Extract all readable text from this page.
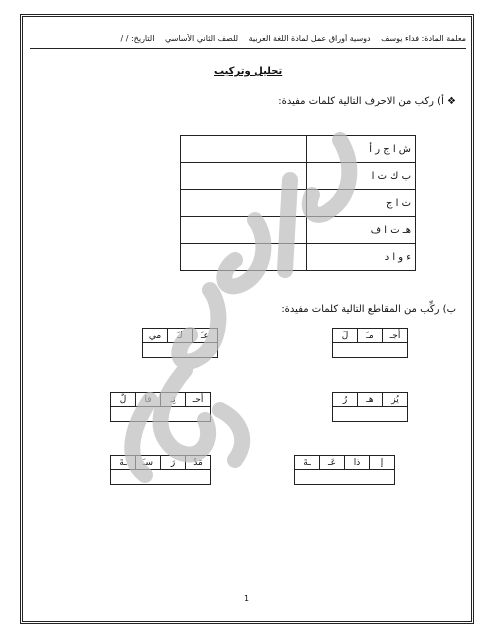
معلمة المادة: فداء يوسف دوسية أوراق عمل لمادة اللغة العربية للصف الثاني الأساسي التاريخ: / /
تحليل وتركيب
❖ أ) ركب من الاحرف التالية كلمات مفيدة:
ش ا ج ر أ	
ب ك ت ا	
ت ا ج	
هـ ت ا ف	
ء و ا د	
ب) ركِّب من المقاطع التالية كلمات مفيدة:
أجـ	مـَ	لَ

عـَ	لـَ	مي

يُز	هـ	رُ

أحـ	تِـ	فا	لٌ

إ	ذا	عَـ	ـةَ

مَدْ	رَ	سـَ	ـةَ

1
